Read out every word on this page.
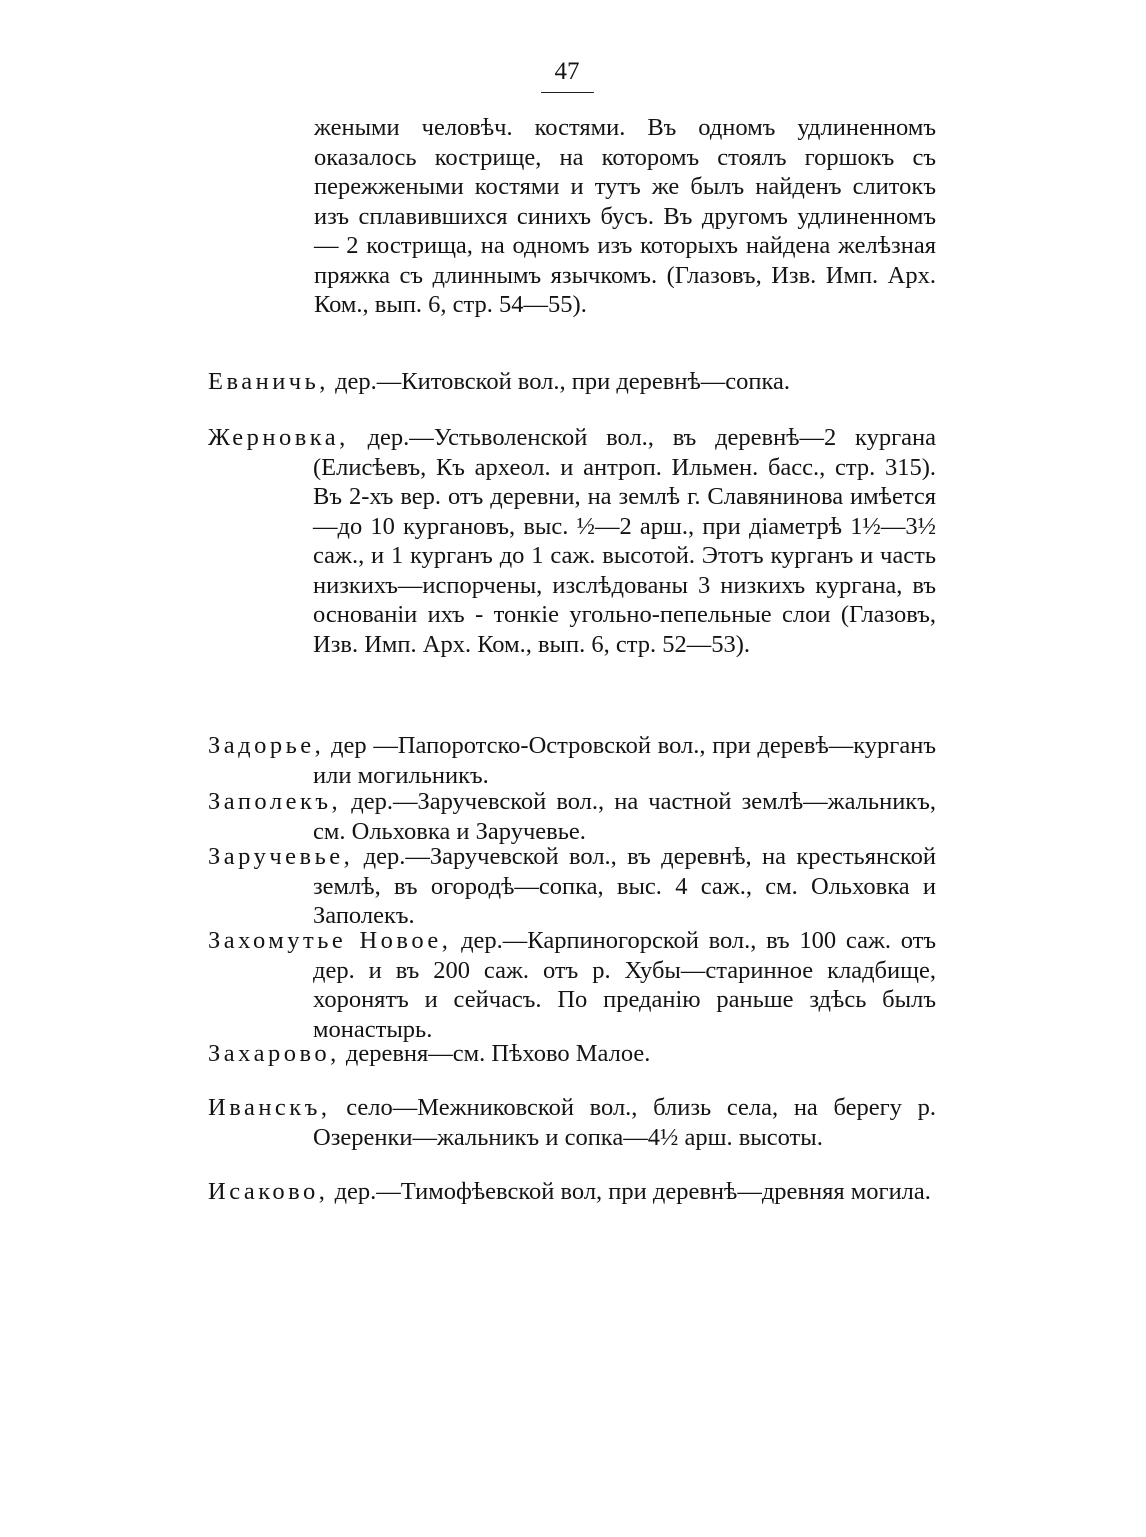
47

жеными человѣч. костями. Въ одномъ удлиненномъ оказалось кострище, на которомъ стоялъ горшокъ съ пережжеными костями и тутъ же былъ найденъ слитокъ изъ сплавившихся синихъ бусъ. Въ другомъ удлиненномъ — 2 кострища, на одномъ изъ которыхъ найдена желѣзная пряжка съ длиннымъ язычкомъ. (Глазовъ, Изв. Имп. Арх. Ком., вып. 6, стр. 54—55).

Еваничь, дер.—Китовской вол., при деревнѣ—сопка.

Жерновка, дер.—Устьволенской вол., въ деревнѣ—2 кургана (Елисѣевъ, Къ археол. и антроп. Ильмен. басс., стр. 315). Въ 2-хъ вер. отъ деревни, на землѣ г. Славянинова имѣется—до 10 кургановъ, выс. ½—2 арш., при діаметрѣ 1½—3½ саж., и 1 курганъ до 1 саж. высотой. Этотъ курганъ и часть низкихъ—испорчены, изслѣдованы 3 низкихъ кургана, въ основаніи ихъ - тонкіе угольно-пепельные слои (Глазовъ, Изв. Имп. Арх. Ком., вып. 6, стр. 52—53).

Задорье, дер —Папоротско-Островской вол., при деревѣ—курганъ или могильникъ.

Заполекъ, дер.—Заручевской вол., на частной землѣ—жальникъ, см. Ольховка и Заручевье.

Заручевье, дер.—Заручевской вол., въ деревнѣ, на крестьянской землѣ, въ огородѣ—сопка, выс. 4 саж., см. Ольховка и Заполекъ.

Захомутье Новое, дер.—Карпиногорской вол., въ 100 саж. отъ дер. и въ 200 саж. отъ р. Хубы—старинное кладбище, хоронятъ и сейчасъ. По преданію раньше здѣсь былъ монастырь.

Захарово, деревня—см. Пѣхово Малое.

Иванскъ, село—Межниковской вол., близь села, на берегу р. Озеренки—жальникъ и сопка—4½ арш. высоты.

Исаково, дер.—Тимофѣевской вол, при деревнѣ—древняя могила.
